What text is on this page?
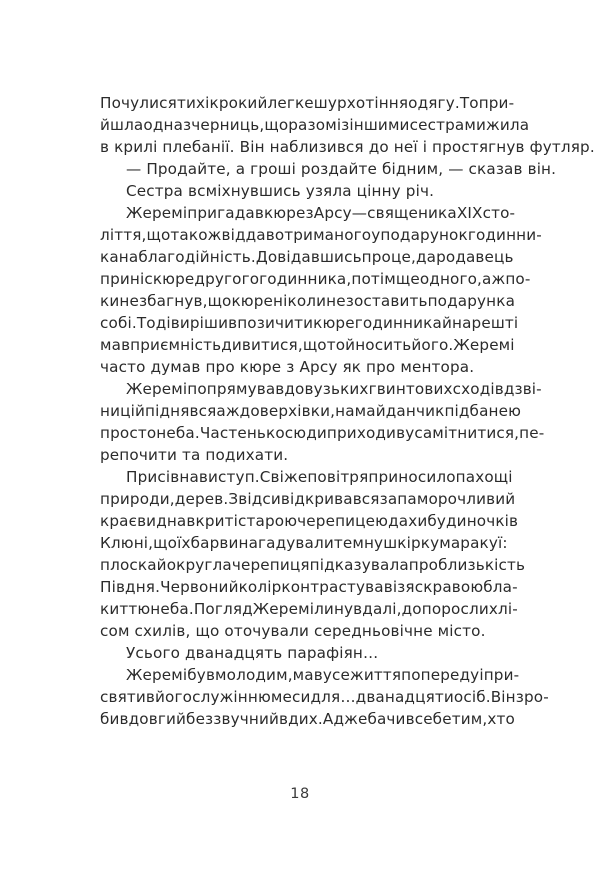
Почулися тихі кроки й легке шурхотіння одягу. То при-
йшла одна з черниць, що разом із іншими сестрами жила
в крилі плебанії. Він наблизився до неї і простягнув футляр.
— Продайте, а гроші роздайте бідним, — сказав він.
Сестра всміхнувшись узяла цінну річ.
Жеремі пригадав кюре з Арсу — священика XIX сто-
ліття, що також віддав отриманого у подарунок годинни-
ка на благодійність. Довідавшись про це, дародавець
приніс кюре другого годинника, потім ще одного, аж по-
ки не збагнув, що кюре ніколи не зоставить подарунка
собі. Тоді вирішив позичити кюре годинника й нарешті
мав приємність дивитися, що той носить його. Жеремі
часто думав про кюре з Арсу як про ментора.
Жеремі попрямував до вузьких гвинтових сходів дзві-
ниці й піднявся аж до верхівки, на майданчик під банею
просто неба. Частенько сюди приходив усамітнитися, пе-
репочити та подихати.
Присів на виступ. Свіже повітря приносило пахощі
природи, дерев. Звідси відкривався запаморочливий
краєвид на вкриті старою черепицею дахи будиночків
Клюні, що їх барви нагадували темну шкірку маракуї:
плоска й округла черепиця підказувала про близькість
Півдня. Червоний колір контрастував із яскравою бла-
киттю неба. Погляд Жеремі линув далі, до порослих лі-
сом схилів, що оточували середньовічне місто.
Усього дванадцять парафіян…
Жеремі був молодим, мав усе життя попереду і при-
святив його служінню меси для… дванадцяти осіб. Він зро-
бив довгий беззвучний вдих. Адже бачив себе тим, хто
18
